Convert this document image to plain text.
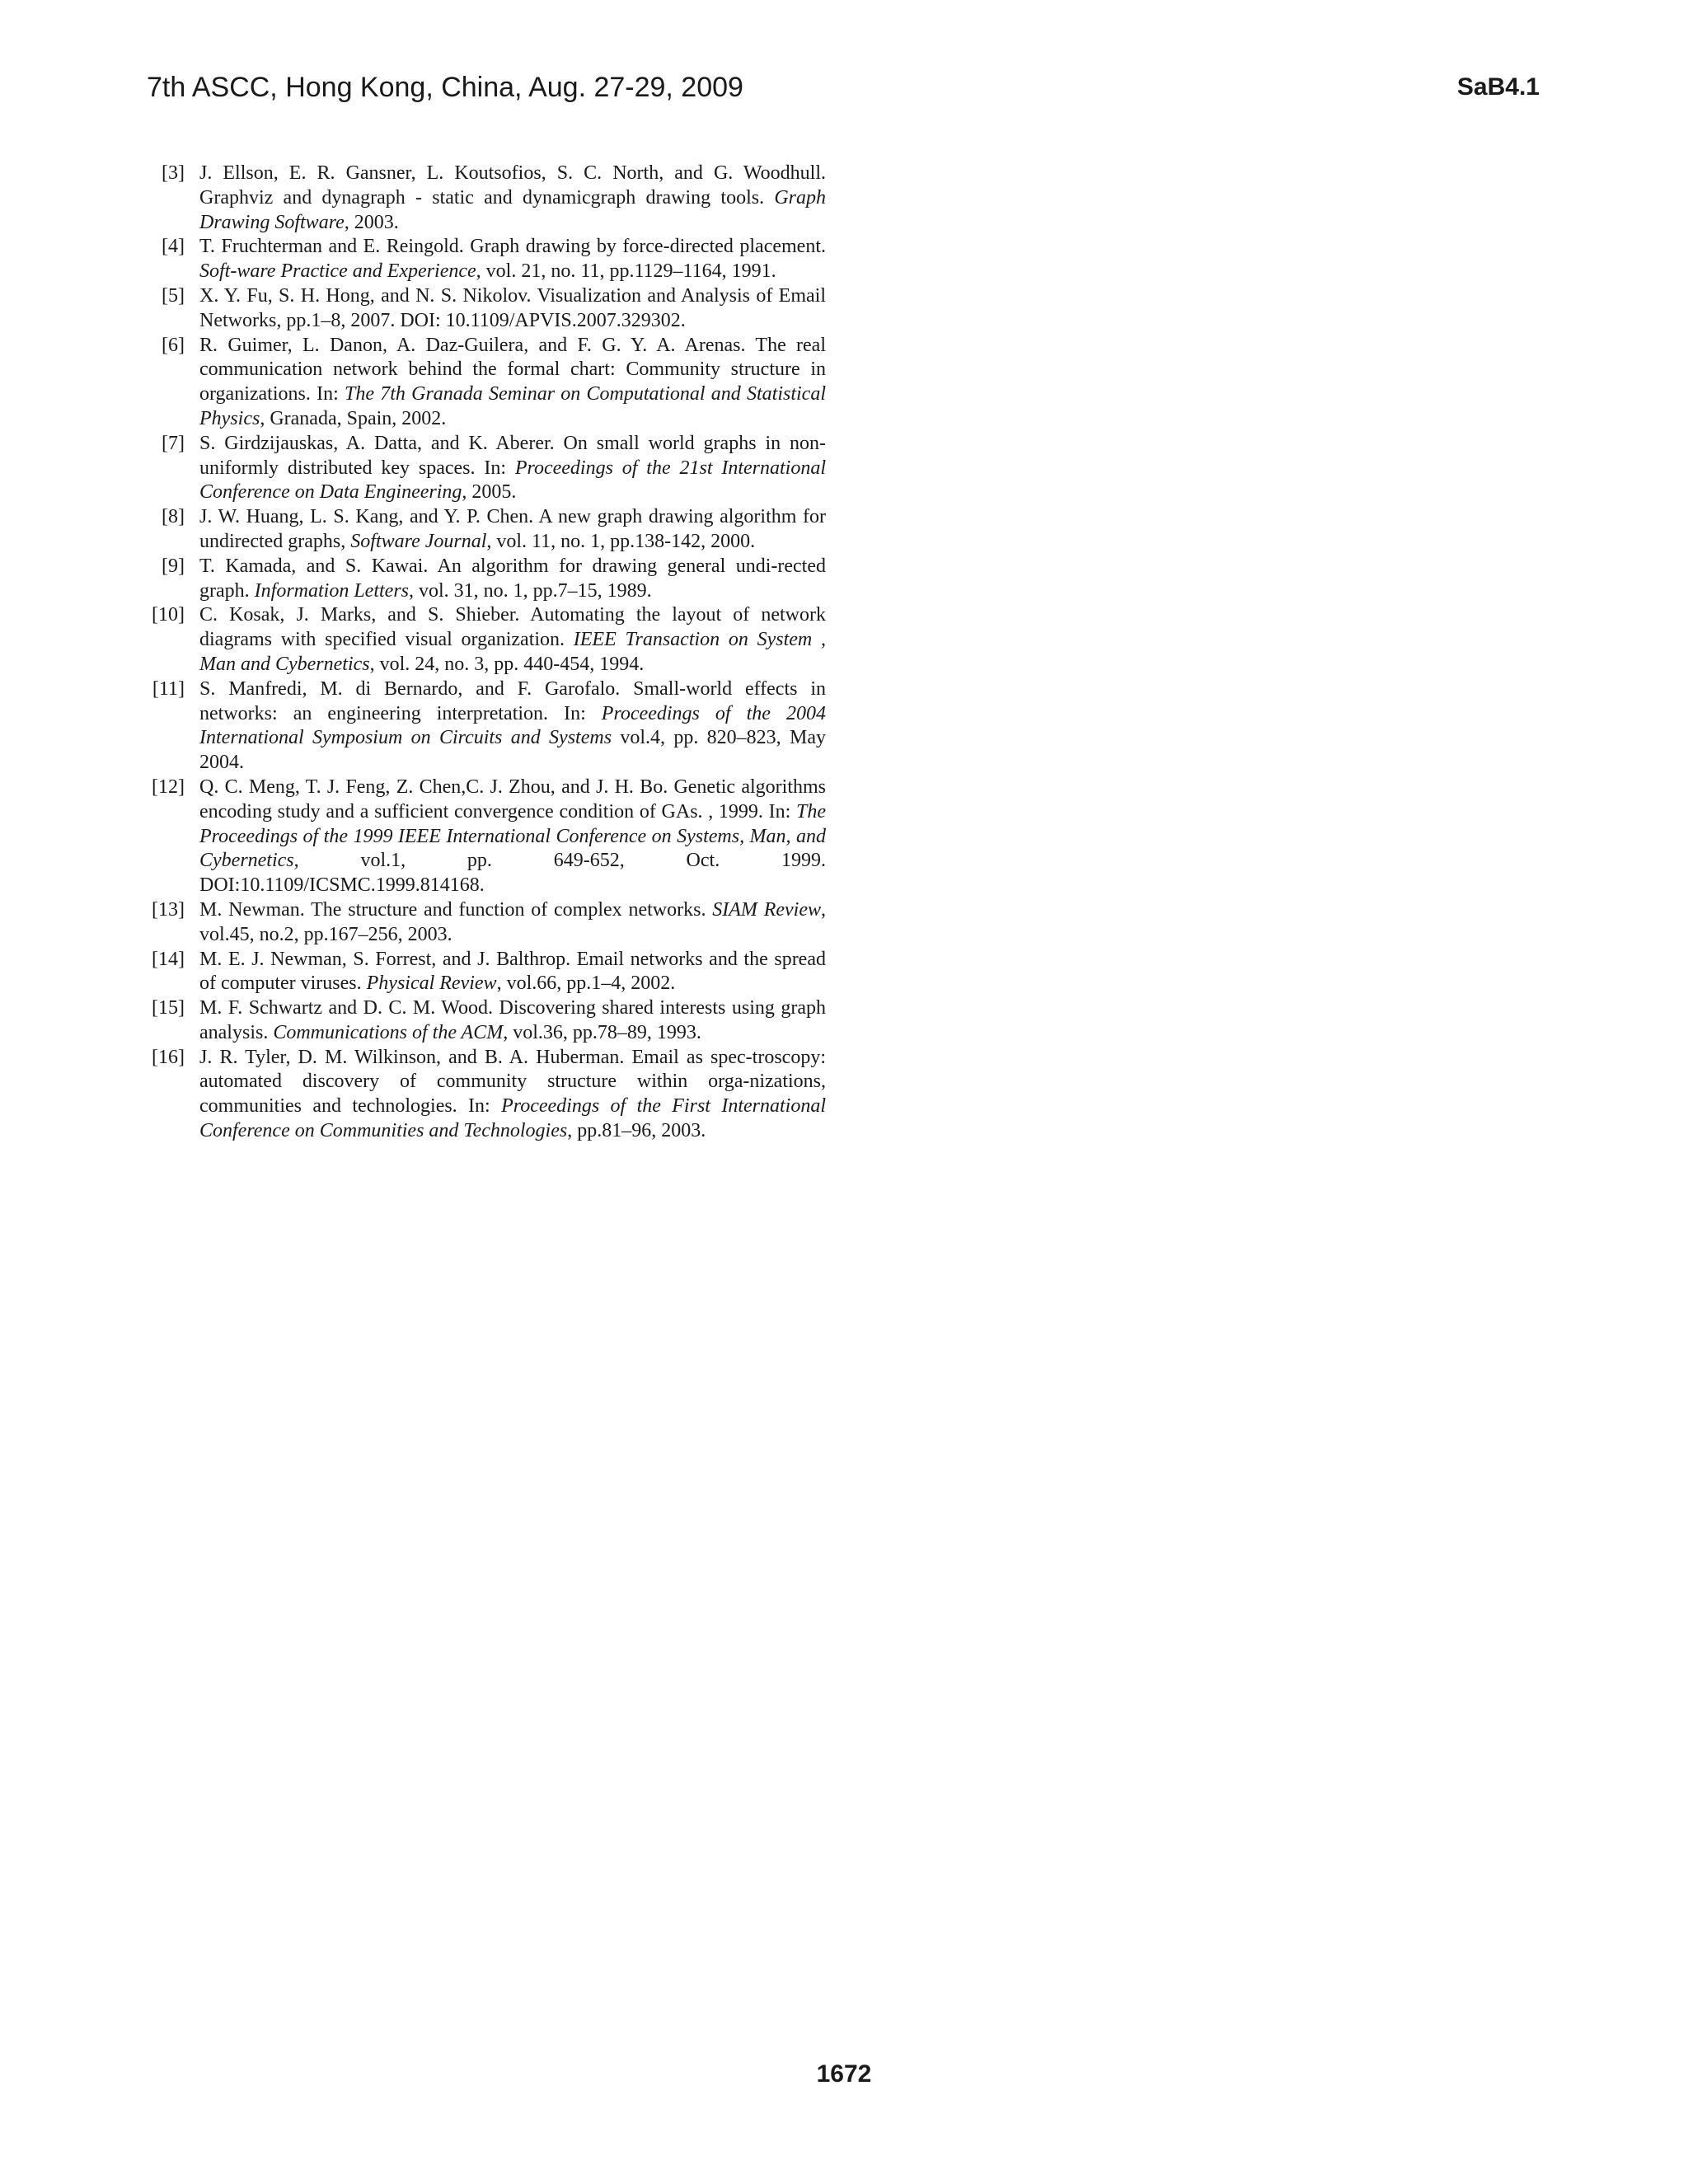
7th ASCC, Hong Kong, China, Aug. 27-29, 2009	SaB4.1
[3] J. Ellson, E. R. Gansner, L. Koutsofios, S. C. North, and G. Woodhull. Graphviz and dynagraph - static and dynamicgraph drawing tools. Graph Drawing Software, 2003.
[4] T. Fruchterman and E. Reingold. Graph drawing by force-directed placement. Soft-ware Practice and Experience, vol. 21, no. 11, pp.1129–1164, 1991.
[5] X. Y. Fu, S. H. Hong, and N. S. Nikolov. Visualization and Analysis of Email Networks, pp.1–8, 2007. DOI: 10.1109/APVIS.2007.329302.
[6] R. Guimer, L. Danon, A. Daz-Guilera, and F. G. Y. A. Arenas. The real communication network behind the formal chart: Community structure in organizations. In: The 7th Granada Seminar on Computational and Statistical Physics, Granada, Spain, 2002.
[7] S. Girdzijauskas, A. Datta, and K. Aberer. On small world graphs in non-uniformly distributed key spaces. In: Proceedings of the 21st International Conference on Data Engineering, 2005.
[8] J. W. Huang, L. S. Kang, and Y. P. Chen. A new graph drawing algorithm for undirected graphs, Software Journal, vol. 11, no. 1, pp.138-142, 2000.
[9] T. Kamada, and S. Kawai. An algorithm for drawing general undi-rected graph. Information Letters, vol. 31, no. 1, pp.7–15, 1989.
[10] C. Kosak, J. Marks, and S. Shieber. Automating the layout of network diagrams with specified visual organization. IEEE Transaction on System , Man and Cybernetics, vol. 24, no. 3, pp. 440-454, 1994.
[11] S. Manfredi, M. di Bernardo, and F. Garofalo. Small-world effects in networks: an engineering interpretation. In: Proceedings of the 2004 International Symposium on Circuits and Systems vol.4, pp. 820–823, May 2004.
[12] Q. C. Meng, T. J. Feng, Z. Chen,C. J. Zhou, and J. H. Bo. Genetic algorithms encoding study and a sufficient convergence condition of GAs. , 1999. In: The Proceedings of the 1999 IEEE International Conference on Systems, Man, and Cybernetics, vol.1, pp. 649-652, Oct. 1999. DOI:10.1109/ICSMC.1999.814168.
[13] M. Newman. The structure and function of complex networks. SIAM Review, vol.45, no.2, pp.167–256, 2003.
[14] M. E. J. Newman, S. Forrest, and J. Balthrop. Email networks and the spread of computer viruses. Physical Review, vol.66, pp.1–4, 2002.
[15] M. F. Schwartz and D. C. M. Wood. Discovering shared interests using graph analysis. Communications of the ACM, vol.36, pp.78–89, 1993.
[16] J. R. Tyler, D. M. Wilkinson, and B. A. Huberman. Email as spec-troscopy: automated discovery of community structure within orga-nizations, communities and technologies. In: Proceedings of the First International Conference on Communities and Technologies, pp.81–96, 2003.
1672
